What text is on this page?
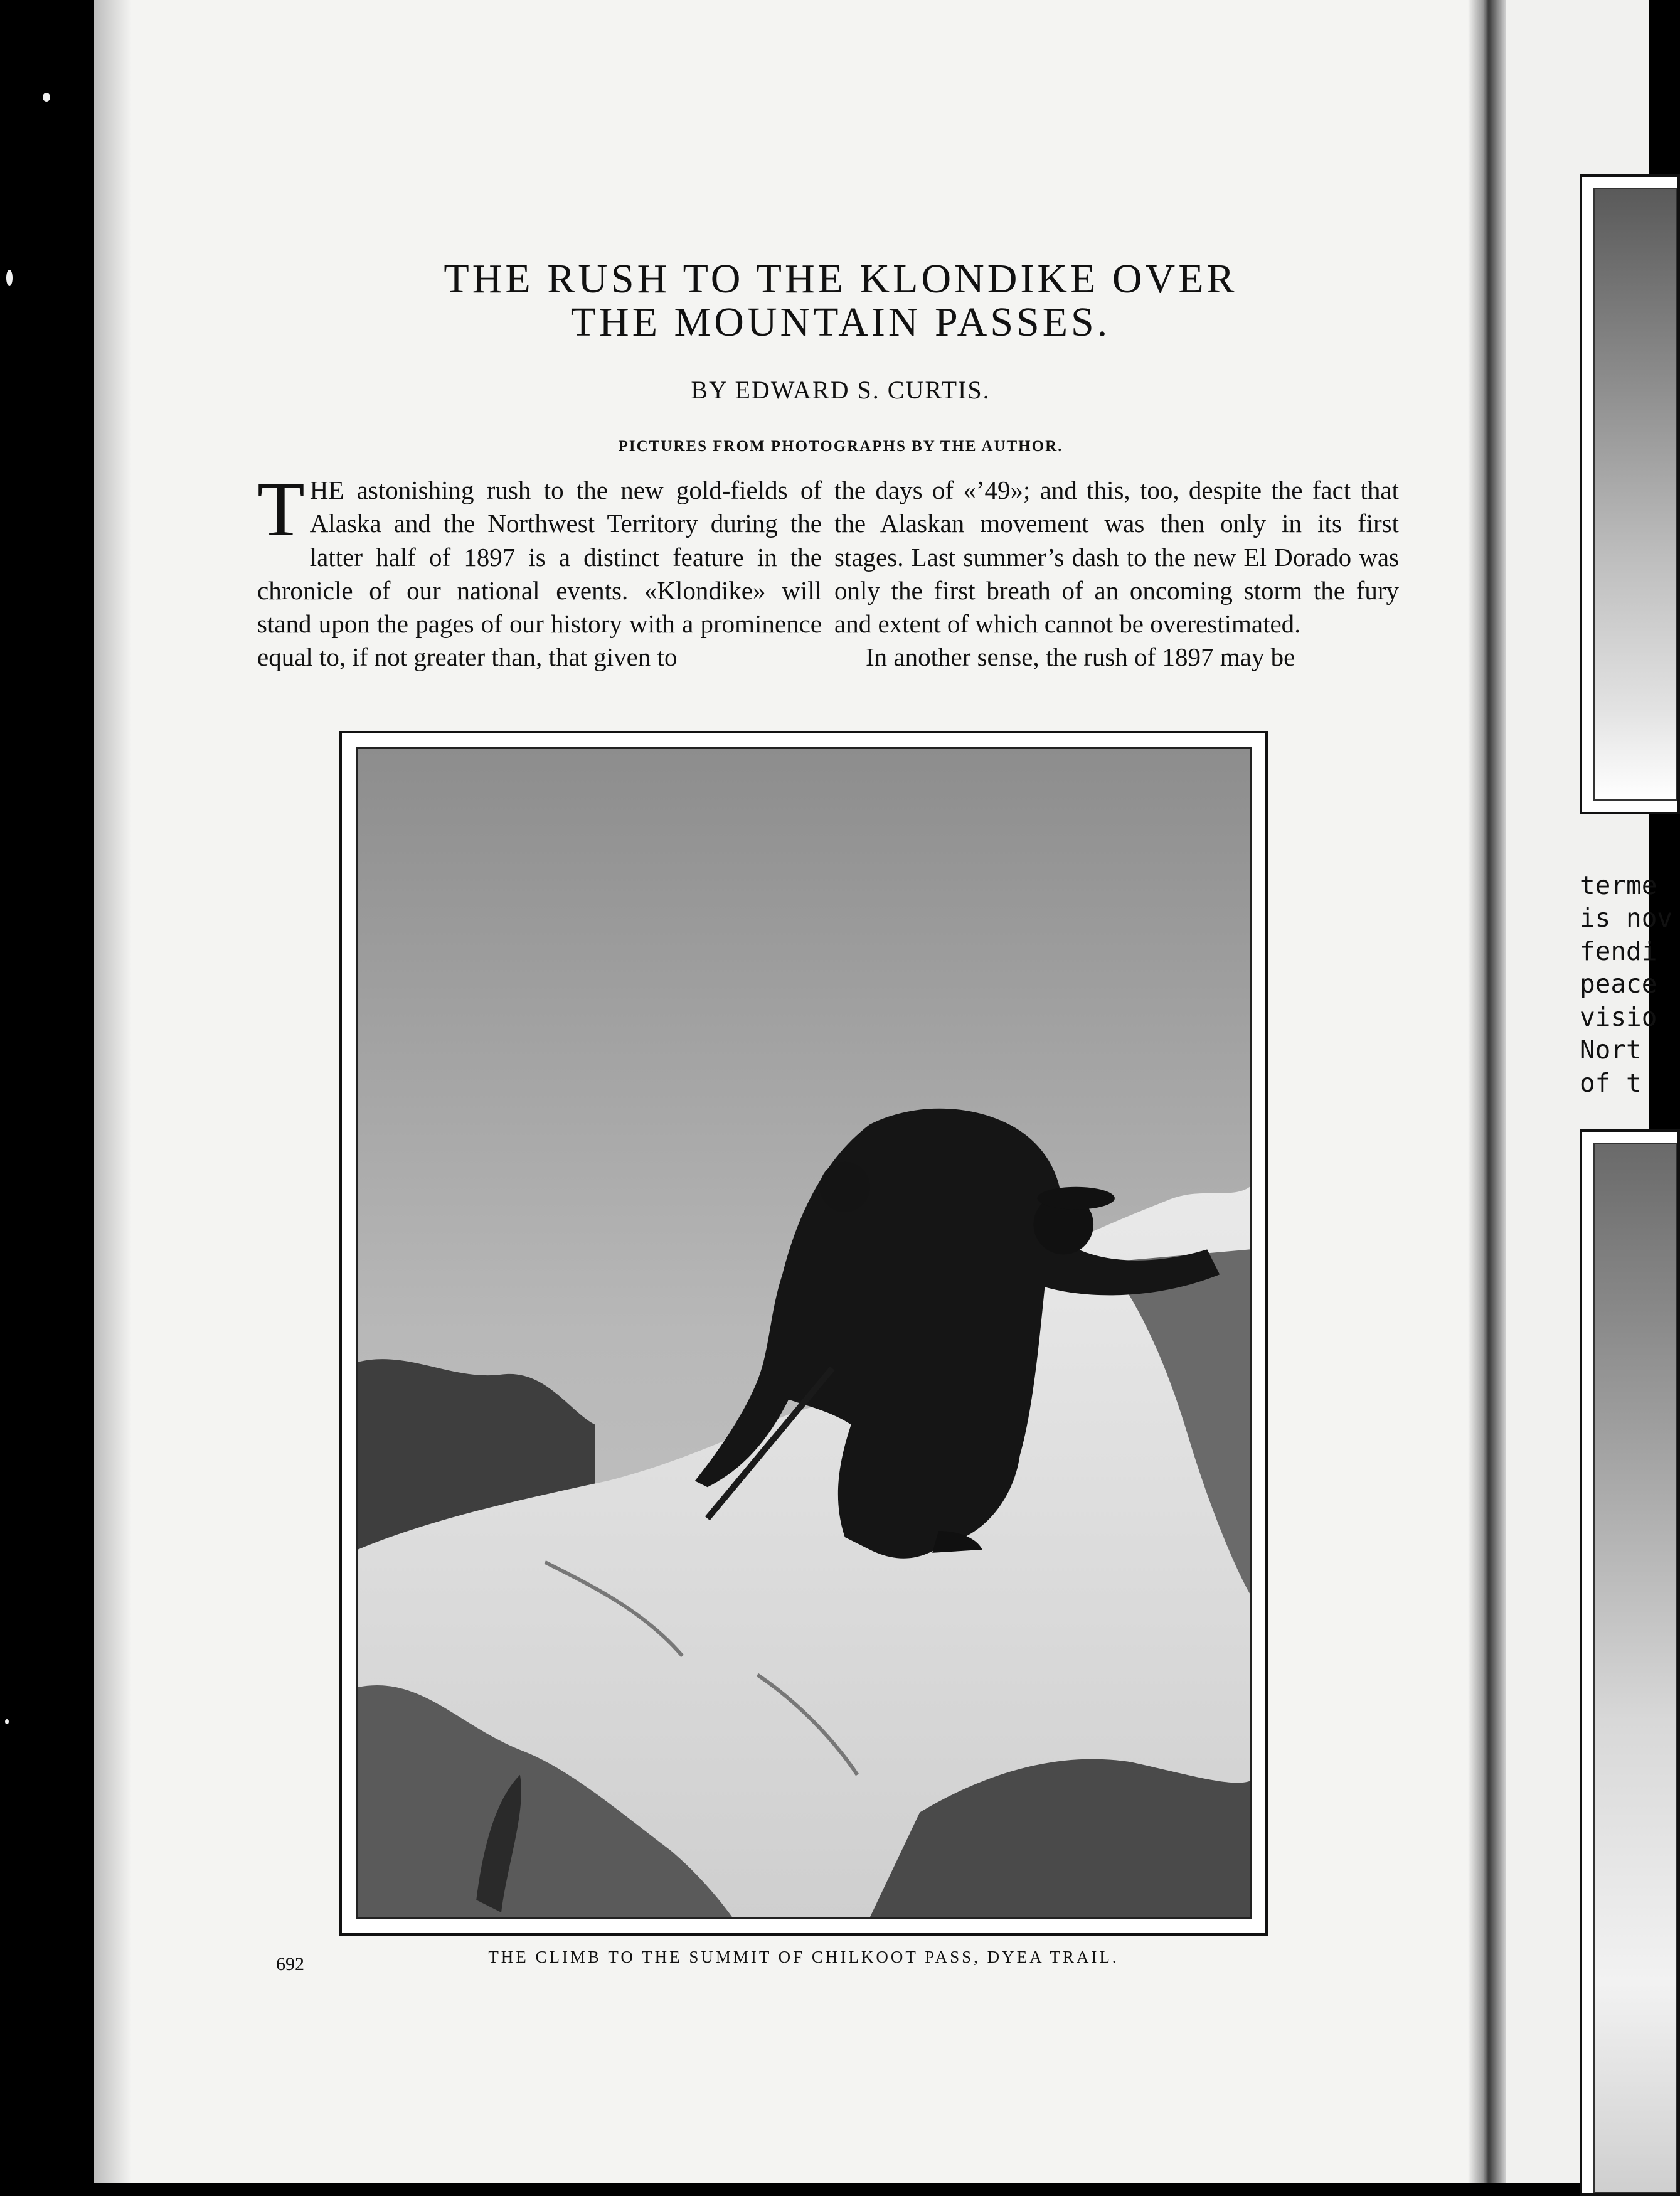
THE RUSH TO THE KLONDIKE OVER
THE MOUNTAIN PASSES.
BY EDWARD S. CURTIS.
PICTURES FROM PHOTOGRAPHS BY THE AUTHOR.

THE astonishing rush to the new gold-fields of Alaska and the Northwest Territory during the latter half of 1897 is a distinct feature in the chronicle of our national events. «Klondike» will stand upon the pages of our history with a prominence equal to, if not greater than, that given to

the days of «’49»; and this, too, despite the fact that the Alaskan movement was then only in its first stages. Last summer’s dash to the new El Dorado was only the first breath of an oncoming storm the fury and extent of which cannot be overestimated.
In another sense, the rush of 1897 may be
THE CLIMB TO THE SUMMIT OF CHILKOOT PASS, DYEA TRAIL.
692
terme
is nov
fendi
peace
visio
Nort
of t
